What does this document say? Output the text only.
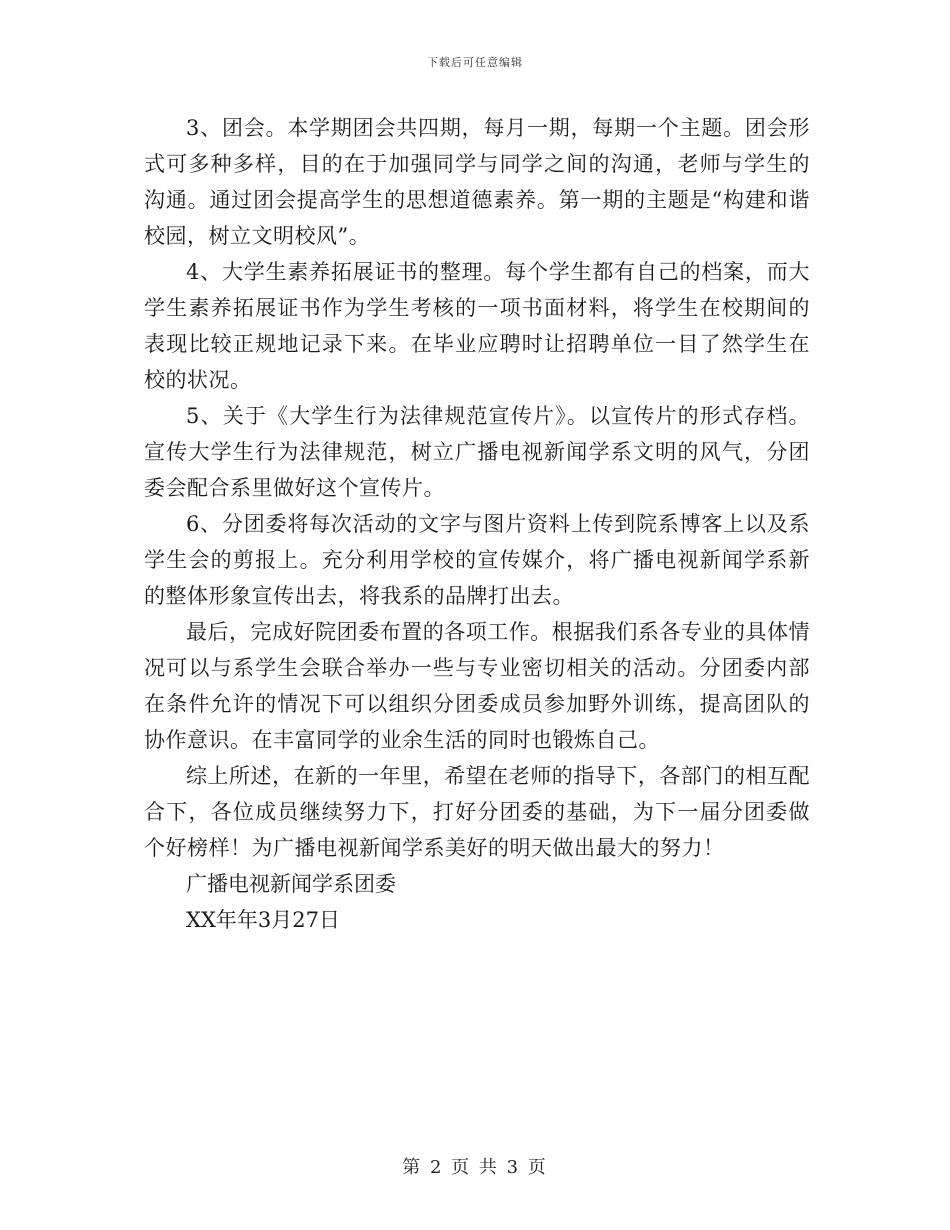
下载后可任意编辑

3、团会。本学期团会共四期，每月一期，每期一个主题。团会形式可多种多样，目的在于加强同学与同学之间的沟通，老师与学生的沟通。通过团会提高学生的思想道德素养。第一期的主题是“构建和谐校园，树立文明校风”。

4、大学生素养拓展证书的整理。每个学生都有自己的档案，而大学生素养拓展证书作为学生考核的一项书面材料，将学生在校期间的表现比较正规地记录下来。在毕业应聘时让招聘单位一目了然学生在校的状况。

5、关于《大学生行为法律规范宣传片》。以宣传片的形式存档。宣传大学生行为法律规范，树立广播电视新闻学系文明的风气，分团委会配合系里做好这个宣传片。

6、分团委将每次活动的文字与图片资料上传到院系博客上以及系学生会的剪报上。充分利用学校的宣传媒介，将广播电视新闻学系新的整体形象宣传出去，将我系的品牌打出去。

最后，完成好院团委布置的各项工作。根据我们系各专业的具体情况可以与系学生会联合举办一些与专业密切相关的活动。分团委内部在条件允许的情况下可以组织分团委成员参加野外训练，提高团队的协作意识。在丰富同学的业余生活的同时也锻炼自己。

综上所述，在新的一年里，希望在老师的指导下，各部门的相互配合下，各位成员继续努力下，打好分团委的基础，为下一届分团委做个好榜样！为广播电视新闻学系美好的明天做出最大的努力！

广播电视新闻学系团委

XX年年3月27日

第 2 页 共 3 页
